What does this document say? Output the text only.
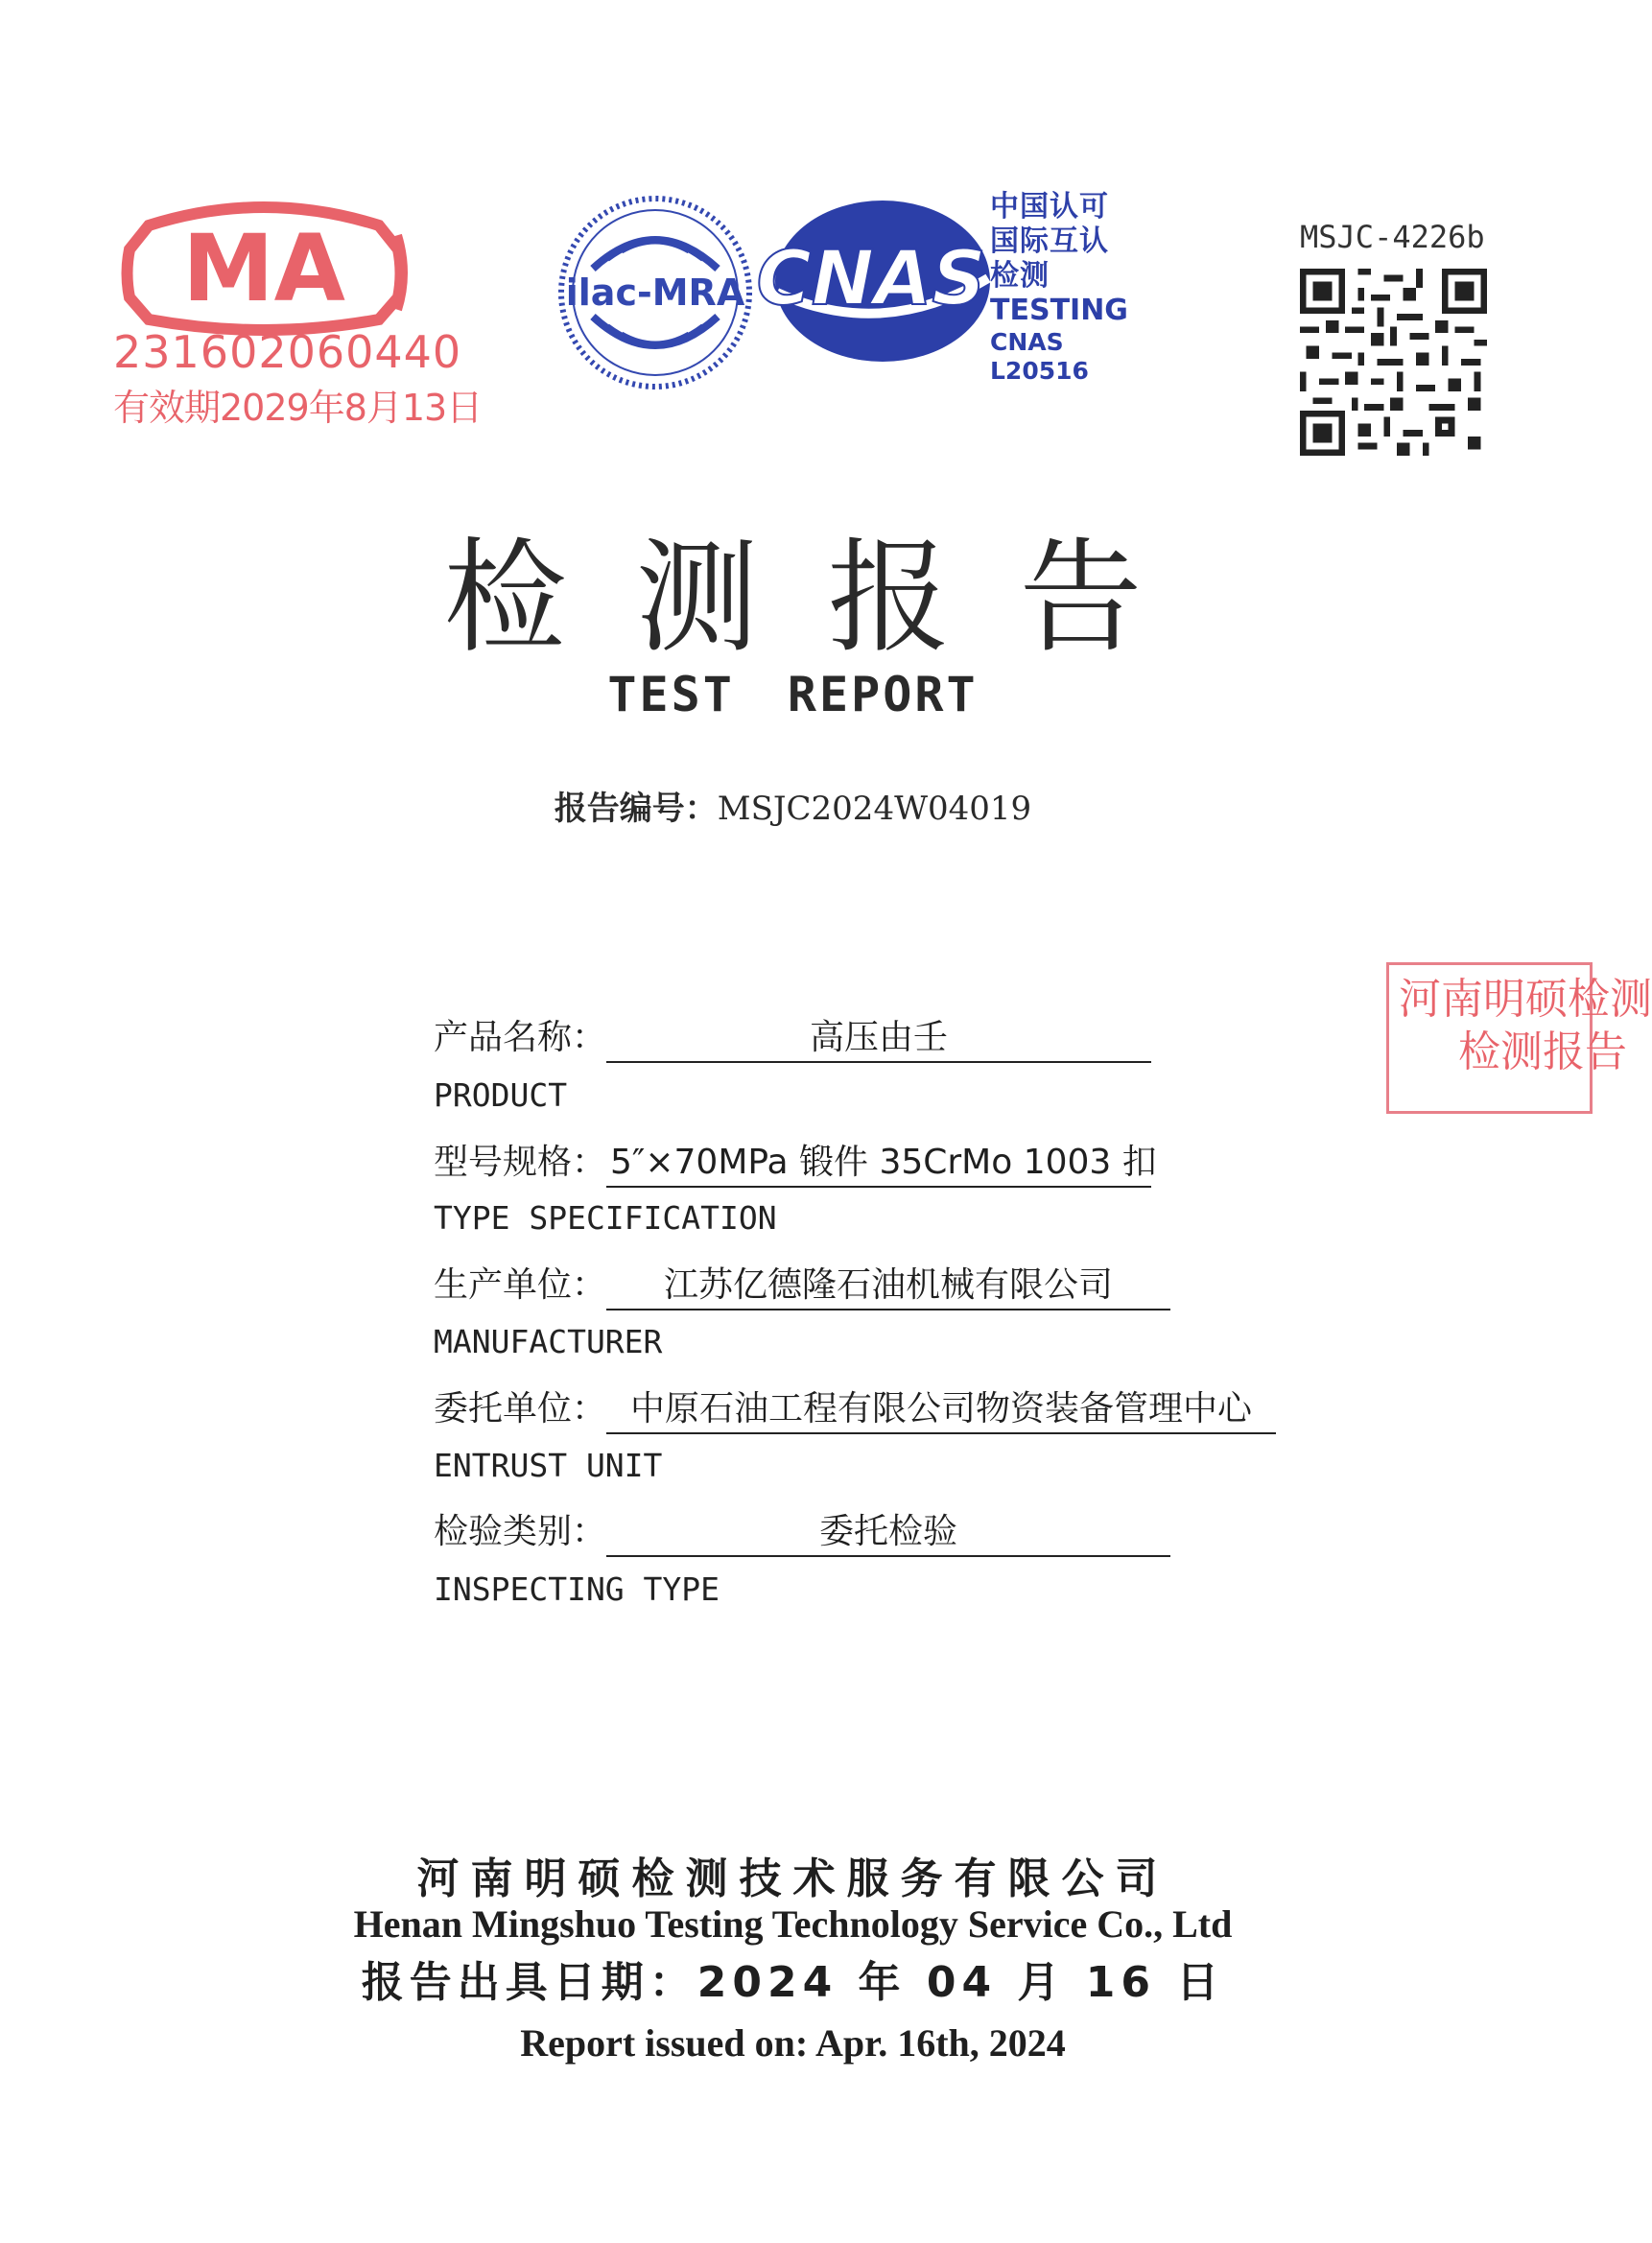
MA
231602060440
有效期2029年8月13日
ilac-MRA CNAS
中国认可
国际互认
检测
TESTING
CNAS L20516
MSJC-4226b
检测报告
TEST REPORT
报告编号：MSJC2024W04019
河南明硕检测
检测报告
产品名称：	高压由壬
PRODUCT
型号规格： 5″×70MPa 锻件 35CrMo 1003 扣
TYPE SPECIFICATION
生产单位： 江苏亿德隆石油机械有限公司
MANUFACTURER
委托单位： 中原石油工程有限公司物资装备管理中心
ENTRUST UNIT
检验类别：	委托检验
INSPECTING TYPE
河南明硕检测技术服务有限公司
Henan Mingshuo Testing Technology Service Co., Ltd
报告出具日期：2024 年 04 月 16 日
Report issued on: Apr. 16th, 2024
